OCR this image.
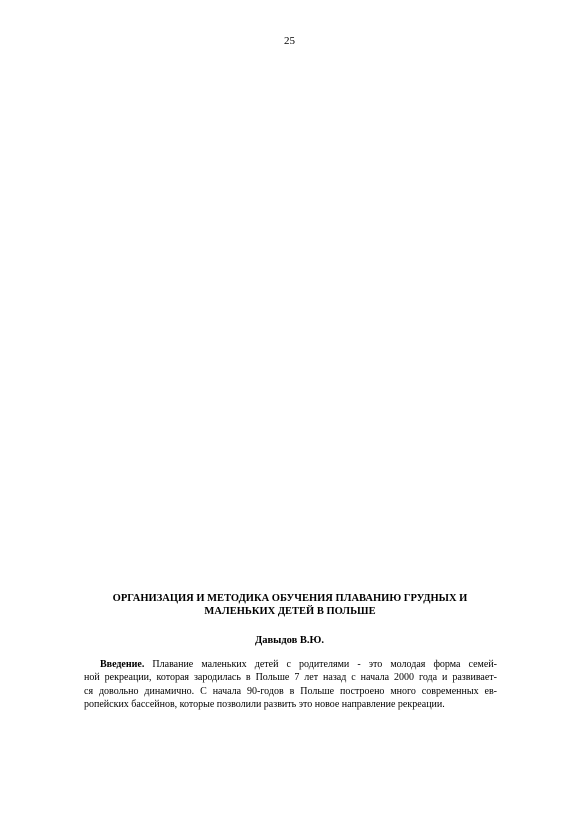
25
ОРГАНИЗАЦИЯ И МЕТОДИКА ОБУЧЕНИЯ ПЛАВАНИЮ ГРУДНЫХ И
МАЛЕНЬКИХ ДЕТЕЙ В ПОЛЬШЕ
Давыдов В.Ю.
Введение. Плавание маленьких детей с родителями - это молодая форма семей-
ной рекреации, которая зародилась в Польше 7 лет назад с начала 2000 года и развивает-
ся довольно динамично. С начала 90-годов в Польше построено много современных ев-
ропейских бассейнов, которые позволили развить это новое направление рекреации.
